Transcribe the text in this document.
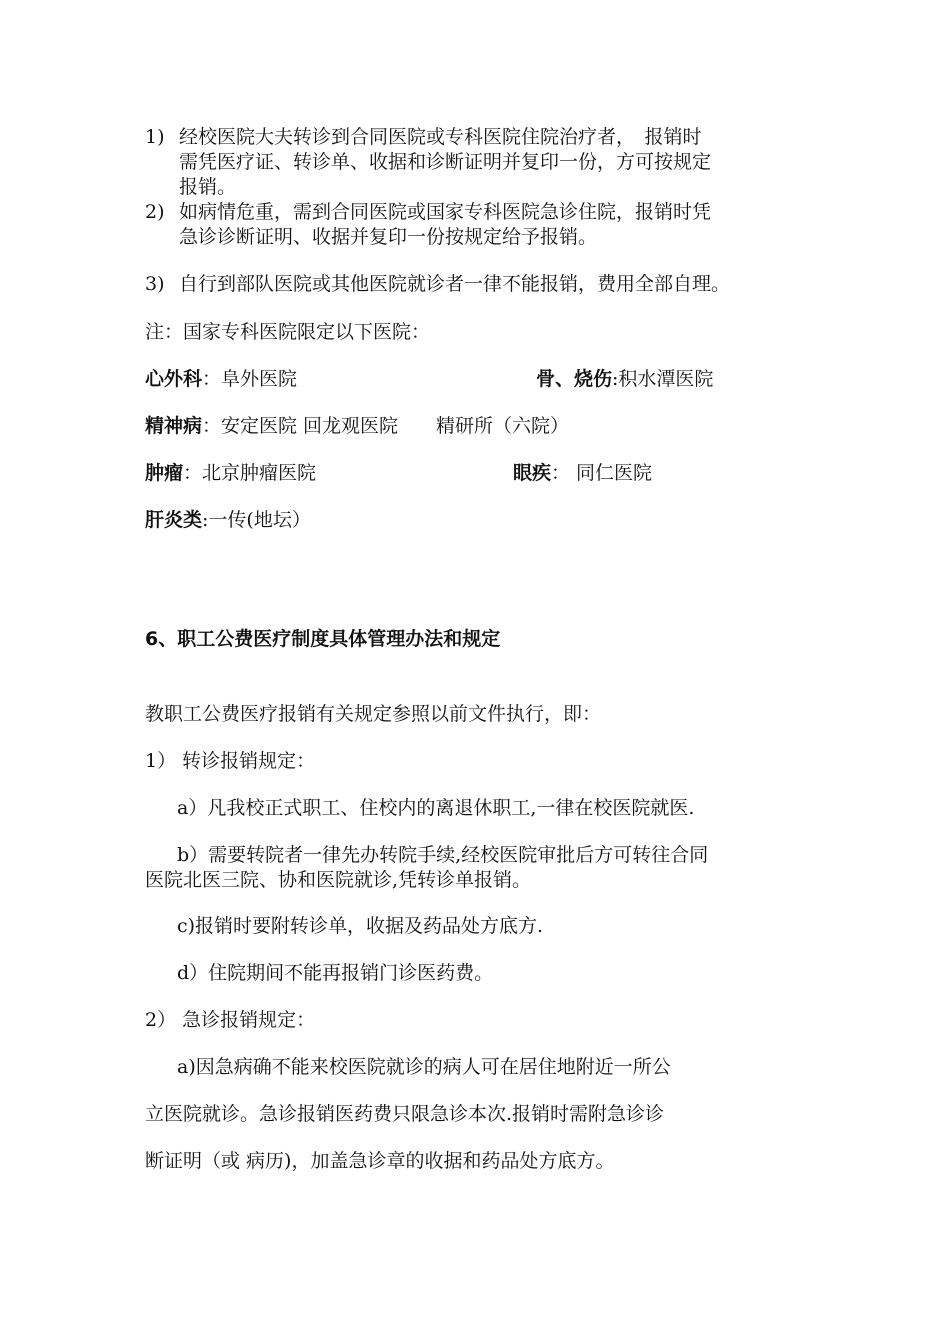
1) 经校医院大夫转诊到合同医院或专科医院住院治疗者，　报销时
需凭医疗证、转诊单、收据和诊断证明并复印一份，方可按规定
报销。
2) 如病情危重，需到合同医院或国家专科医院急诊住院，报销时凭
急诊诊断证明、收据并复印一份按规定给予报销。
3) 自行到部队医院或其他医院就诊者一律不能报销，费用全部自理。
注：国家专科医院限定以下医院：
心外科：阜外医院	骨、烧伤:积水潭医院
精神病：安定医院 回龙观医院　　精研所（六院）
肿瘤：北京肿瘤医院	眼疾： 同仁医院
肝炎类:一传(地坛）
6、职工公费医疗制度具体管理办法和规定
教职工公费医疗报销有关规定参照以前文件执行，即：
1） 转诊报销规定：
a）凡我校正式职工、住校内的离退休职工,一律在校医院就医.
b）需要转院者一律先办转院手续,经校医院审批后方可转往合同
医院北医三院、协和医院就诊,凭转诊单报销。
c)报销时要附转诊单，收据及药品处方底方.
d）住院期间不能再报销门诊医药费。
2） 急诊报销规定：
a)因急病确不能来校医院就诊的病人可在居住地附近一所公
立医院就诊。急诊报销医药费只限急诊本次.报销时需附急诊诊
断证明（或 病历)，加盖急诊章的收据和药品处方底方。
